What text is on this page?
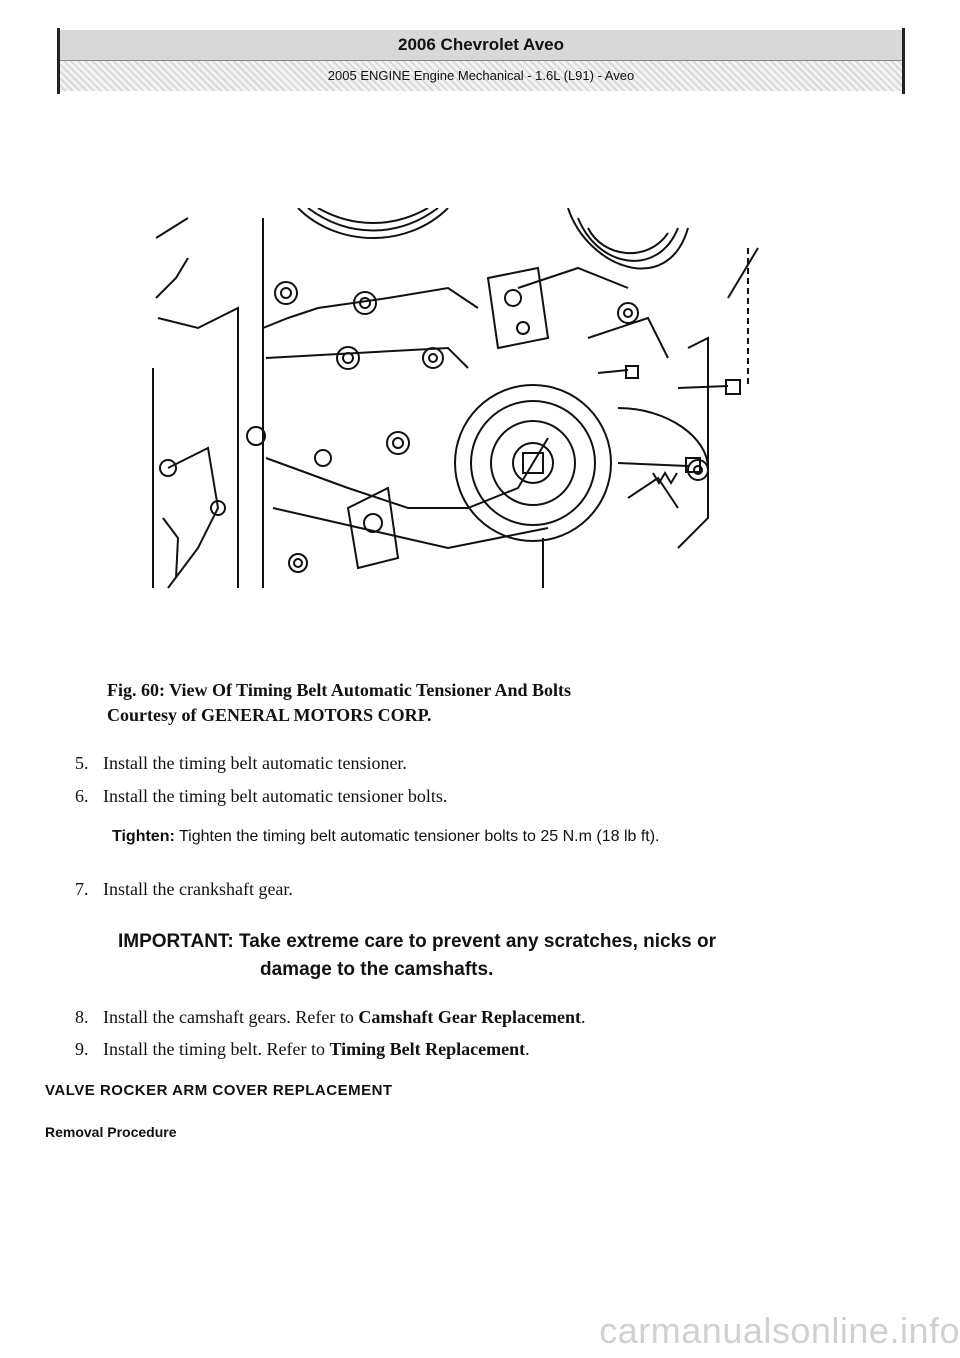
2006 Chevrolet Aveo
2005 ENGINE Engine Mechanical - 1.6L (L91) - Aveo
Fig. 60: View Of Timing Belt Automatic Tensioner And Bolts
Courtesy of GENERAL MOTORS CORP.
5. Install the timing belt automatic tensioner.
6. Install the timing belt automatic tensioner bolts.
Tighten: Tighten the timing belt automatic tensioner bolts to 25 N.m (18 lb ft).
7. Install the crankshaft gear.
IMPORTANT: Take extreme care to prevent any scratches, nicks or
damage to the camshafts.
8. Install the camshaft gears. Refer to Camshaft Gear Replacement.
9. Install the timing belt. Refer to Timing Belt Replacement.
VALVE ROCKER ARM COVER REPLACEMENT
Removal Procedure
carmanualsonline.info
